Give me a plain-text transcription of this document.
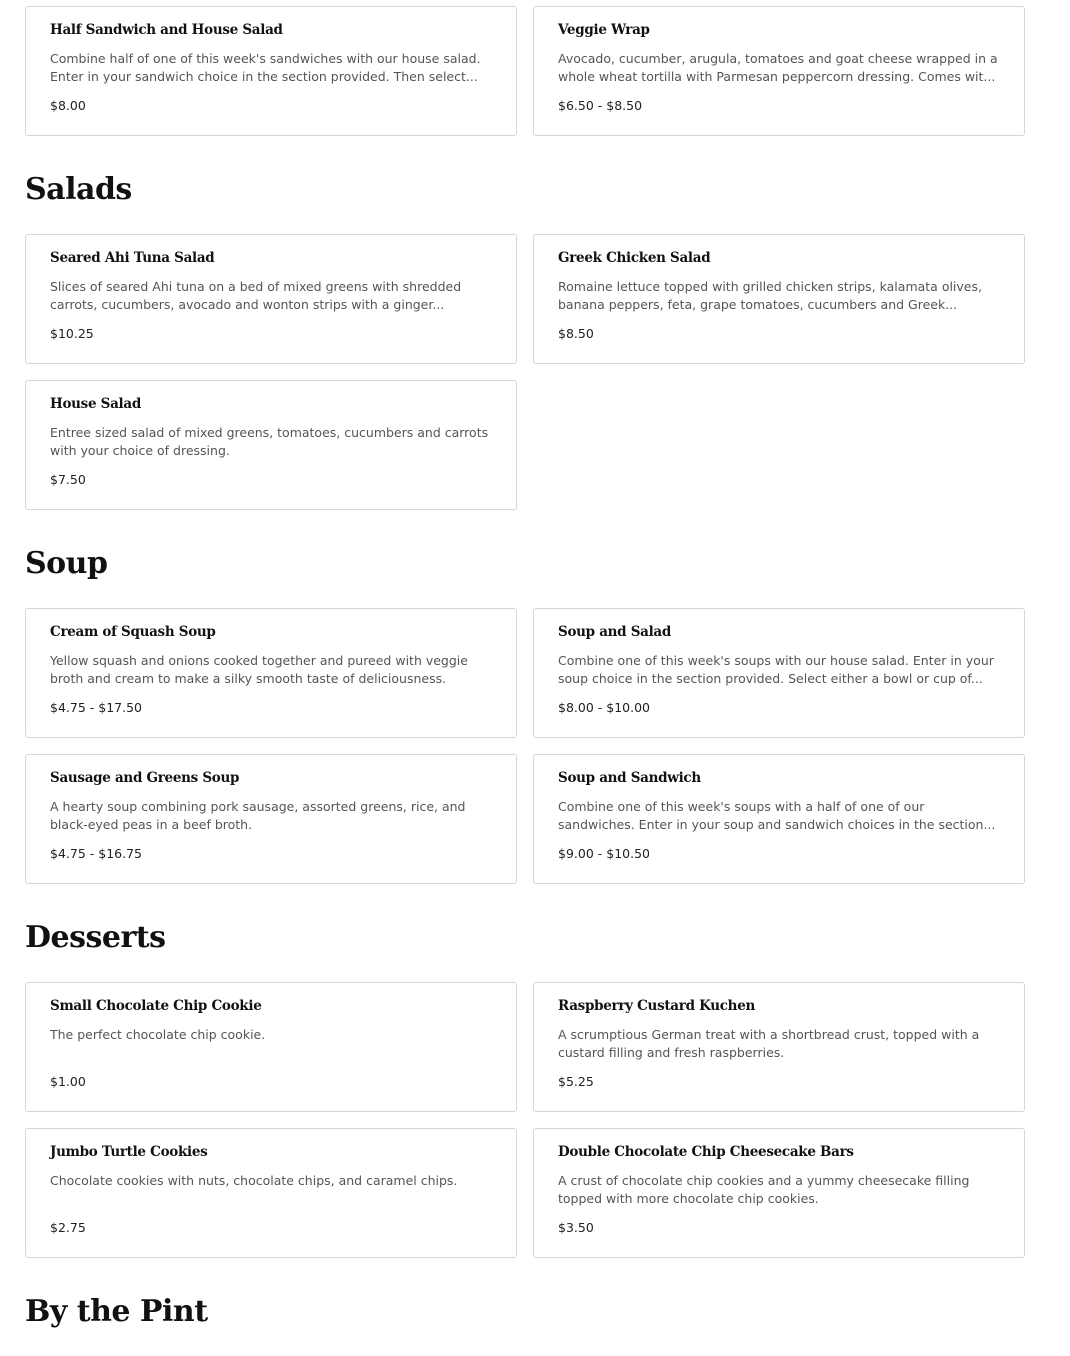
Half Sandwich and House Salad
Combine half of one of this week's sandwiches with our house salad. Enter in your sandwich choice in the section provided. Then select...
$8.00
Veggie Wrap
Avocado, cucumber, arugula, tomatoes and goat cheese wrapped in a whole wheat tortilla with Parmesan peppercorn dressing. Comes wit...
$6.50 - $8.50
Salads
Seared Ahi Tuna Salad
Slices of seared Ahi tuna on a bed of mixed greens with shredded carrots, cucumbers, avocado and wonton strips with a ginger...
$10.25
Greek Chicken Salad
Romaine lettuce topped with grilled chicken strips, kalamata olives, banana peppers, feta, grape tomatoes, cucumbers and Greek...
$8.50
House Salad
Entree sized salad of mixed greens, tomatoes, cucumbers and carrots with your choice of dressing.
$7.50
Soup
Cream of Squash Soup
Yellow squash and onions cooked together and pureed with veggie broth and cream to make a silky smooth taste of deliciousness.
$4.75 - $17.50
Soup and Salad
Combine one of this week's soups with our house salad. Enter in your soup choice in the section provided. Select either a bowl or cup of...
$8.00 - $10.00
Sausage and Greens Soup
A hearty soup combining pork sausage, assorted greens, rice, and black-eyed peas in a beef broth.
$4.75 - $16.75
Soup and Sandwich
Combine one of this week's soups with a half of one of our sandwiches. Enter in your soup and sandwich choices in the section...
$9.00 - $10.50
Desserts
Small Chocolate Chip Cookie
The perfect chocolate chip cookie.
$1.00
Raspberry Custard Kuchen
A scrumptious German treat with a shortbread crust, topped with a custard filling and fresh raspberries.
$5.25
Jumbo Turtle Cookies
Chocolate cookies with nuts, chocolate chips, and caramel chips.
$2.75
Double Chocolate Chip Cheesecake Bars
A crust of chocolate chip cookies and a yummy cheesecake filling topped with more chocolate chip cookies.
$3.50
By the Pint
